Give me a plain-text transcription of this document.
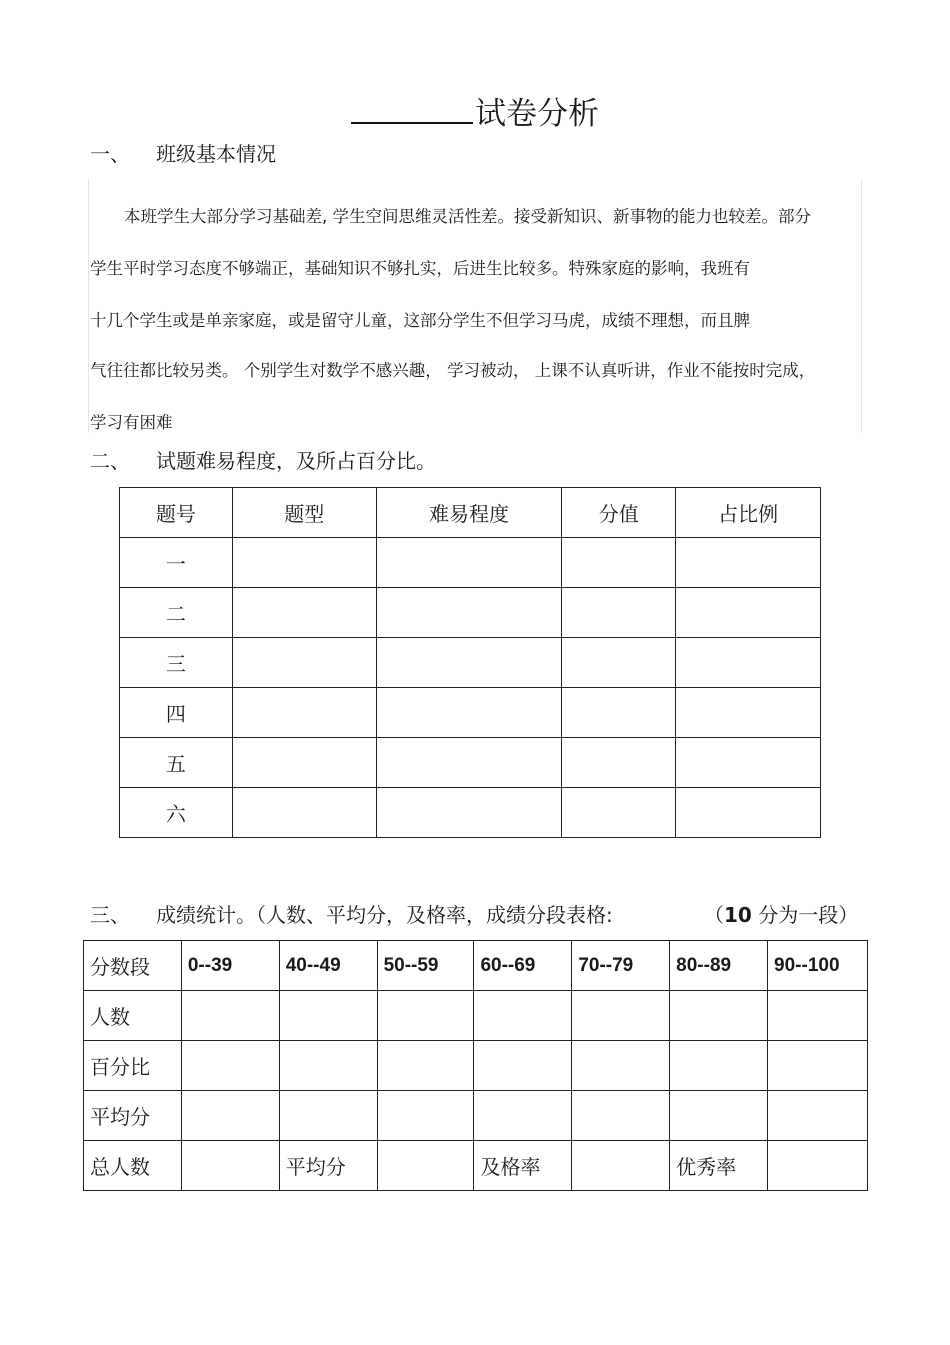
试卷分析
一、 班级基本情况
本班学生大部分学习基础差, 学生空间思维灵活性差。接受新知识、新事物的能力也较差。部分
学生平时学习态度不够端正，基础知识不够扎实，后进生比较多。特殊家庭的影响，我班有
十几个学生或是单亲家庭，或是留守儿童，这部分学生不但学习马虎，成绩不理想，而且脾
气往往都比较另类。 个别学生对数学不感兴趣， 学习被动， 上课不认真听讲，作业不能按时完成，
学习有困难
二、 试题难易程度，及所占百分比。
题号	题型	难易程度	分值	占比例
一				
二				
三				
四				
五				
六				
三、 成绩统计。（人数、平均分，及格率，成绩分段表格:	（10 分为一段）
分数段	0--39	40--49	50--59	60--69	70--79	80--89	90--100
人数							
百分比							
平均分							
总人数		平均分		及格率		优秀率	
